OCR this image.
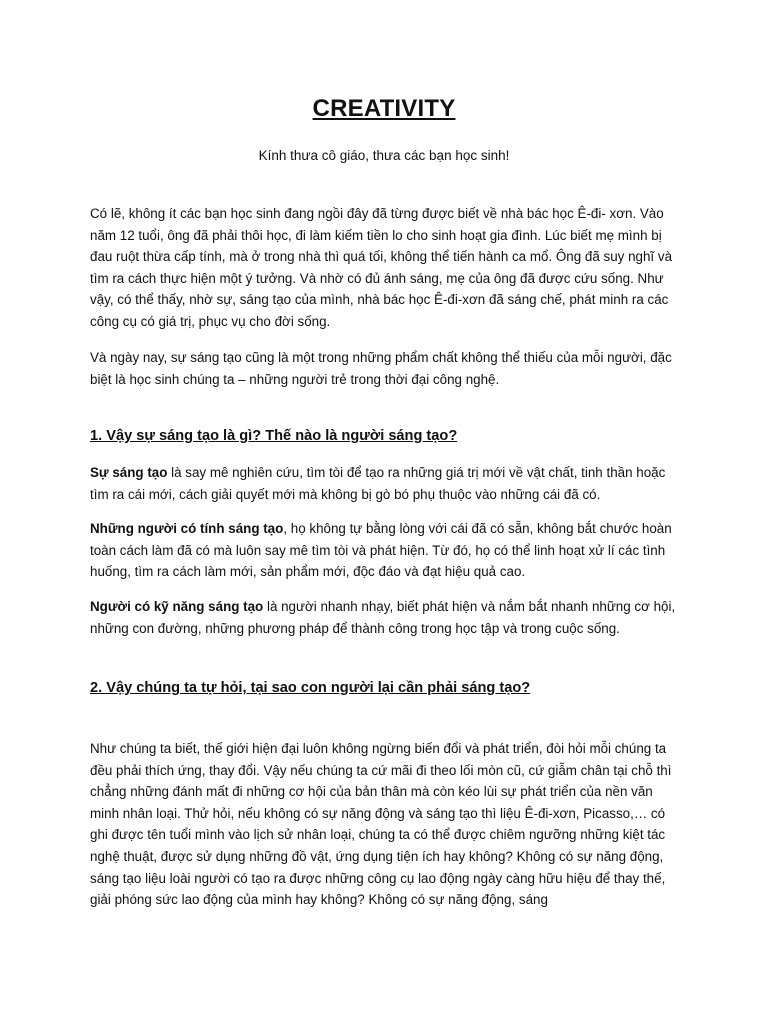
CREATIVITY
Kính thưa cô giáo, thưa các bạn học sinh!

Có lẽ, không ít các bạn học sinh đang ngồi đây đã từng được biết về nhà bác học Ê-đi- xơn. Vào năm 12 tuổi, ông đã phải thôi học, đi làm kiếm tiền lo cho sinh hoạt gia đình. Lúc biết mẹ mình bị đau ruột thừa cấp tính, mà ở trong nhà thì quá tối, không thể tiến hành ca mổ. Ông đã suy nghĩ và tìm ra cách thực hiện một ý tưởng. Và nhờ có đủ ánh sáng, mẹ của ông đã được cứu sống. Như vậy, có thể thấy, nhờ sự, sáng tạo của mình, nhà bác học Ê-đi-xơn đã sáng chế, phát minh ra các công cụ có giá trị, phục vụ cho đời sống.

Và ngày nay, sự sáng tạo cũng là một trong những phẩm chất không thể thiếu của mỗi người, đặc biệt là học sinh chúng ta – những người trẻ trong thời đại công nghệ.

1. Vậy sự sáng tạo là gì? Thế nào là người sáng tạo?

Sự sáng tạo là say mê nghiên cứu, tìm tòi để tạo ra những giá trị mới về vật chất, tinh thần hoặc tìm ra cái mới, cách giải quyết mới mà không bị gò bó phụ thuộc vào những cái đã có.

Những người có tính sáng tạo, họ không tự bằng lòng với cái đã có sẵn, không bắt chước hoàn toàn cách làm đã có mà luôn say mê tìm tòi và phát hiện. Từ đó, họ có thể linh hoạt xử lí các tình huống, tìm ra cách làm mới, sản phẩm mới, độc đáo và đạt hiệu quả cao.

Người có kỹ năng sáng tạo là người nhanh nhạy, biết phát hiện và nắm bắt nhanh những cơ hội, những con đường, những phương pháp để thành công trong học tập và trong cuộc sống.

2. Vậy chúng ta tự hỏi, tại sao con người lại cần phải sáng tạo?

Như chúng ta biết, thế giới hiện đại luôn không ngừng biến đổi và phát triển, đòi hỏi mỗi chúng ta đều phải thích ứng, thay đổi. Vậy nếu chúng ta cứ mãi đi theo lối mòn cũ, cứ giẫm chân tại chỗ thì chẳng những đánh mất đi những cơ hội của bản thân mà còn kéo lùi sự phát triển của nền văn minh nhân loại. Thử hỏi, nếu không có sự năng động và sáng tạo thì liệu Ê-đi-xơn, Picasso,… có ghi được tên tuổi mình vào lịch sử nhân loại, chúng ta có thể được chiêm ngưỡng những kiệt tác nghệ thuật, được sử dụng những đồ vật, ứng dụng tiện ích hay không? Không có sự năng động, sáng tạo liệu loài người có tạo ra được những công cụ lao động ngày càng hữu hiệu để thay thế, giải phóng sức lao động của mình hay không? Không có sự năng động, sáng
